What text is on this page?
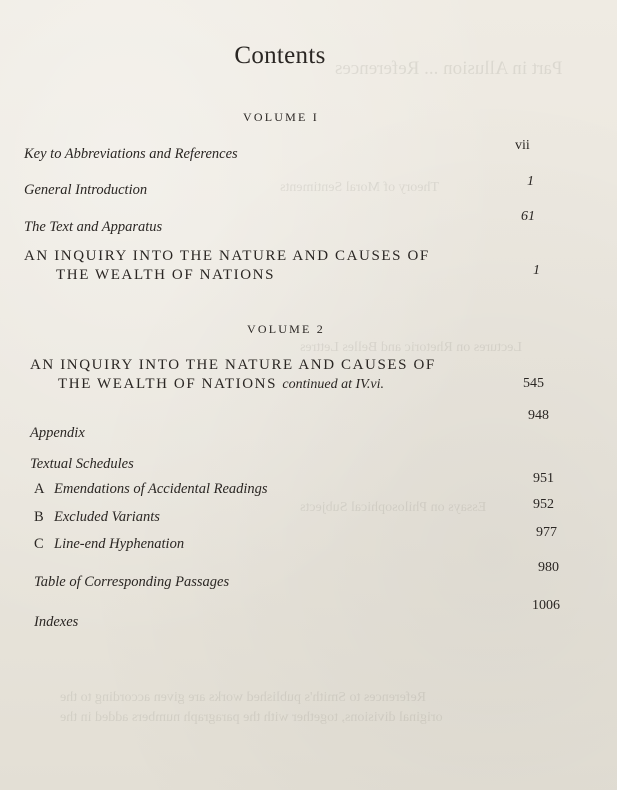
Part in Allusion ... References
Theory of Moral Sentiments
Lectures on Rhetoric and Belles Lettres
Essays on Philosophical Subjects
References to Smith's published works are given according to the
original divisions, together with the paragraph numbers added in the
Contents
VOLUME I
Key to Abbreviations and References
vii
General Introduction
1
The Text and Apparatus
61
AN INQUIRY INTO THE NATURE AND CAUSES OF
THE WEALTH OF NATIONS	1
VOLUME 2
AN INQUIRY INTO THE NATURE AND CAUSES OF
THE WEALTH OF NATIONS continued at IV.vi.	545
Appendix
948
Textual Schedules
A Emendations of Accidental Readings
951
B Excluded Variants
952
C Line-end Hyphenation
977
Table of Corresponding Passages
980
Indexes
1006
